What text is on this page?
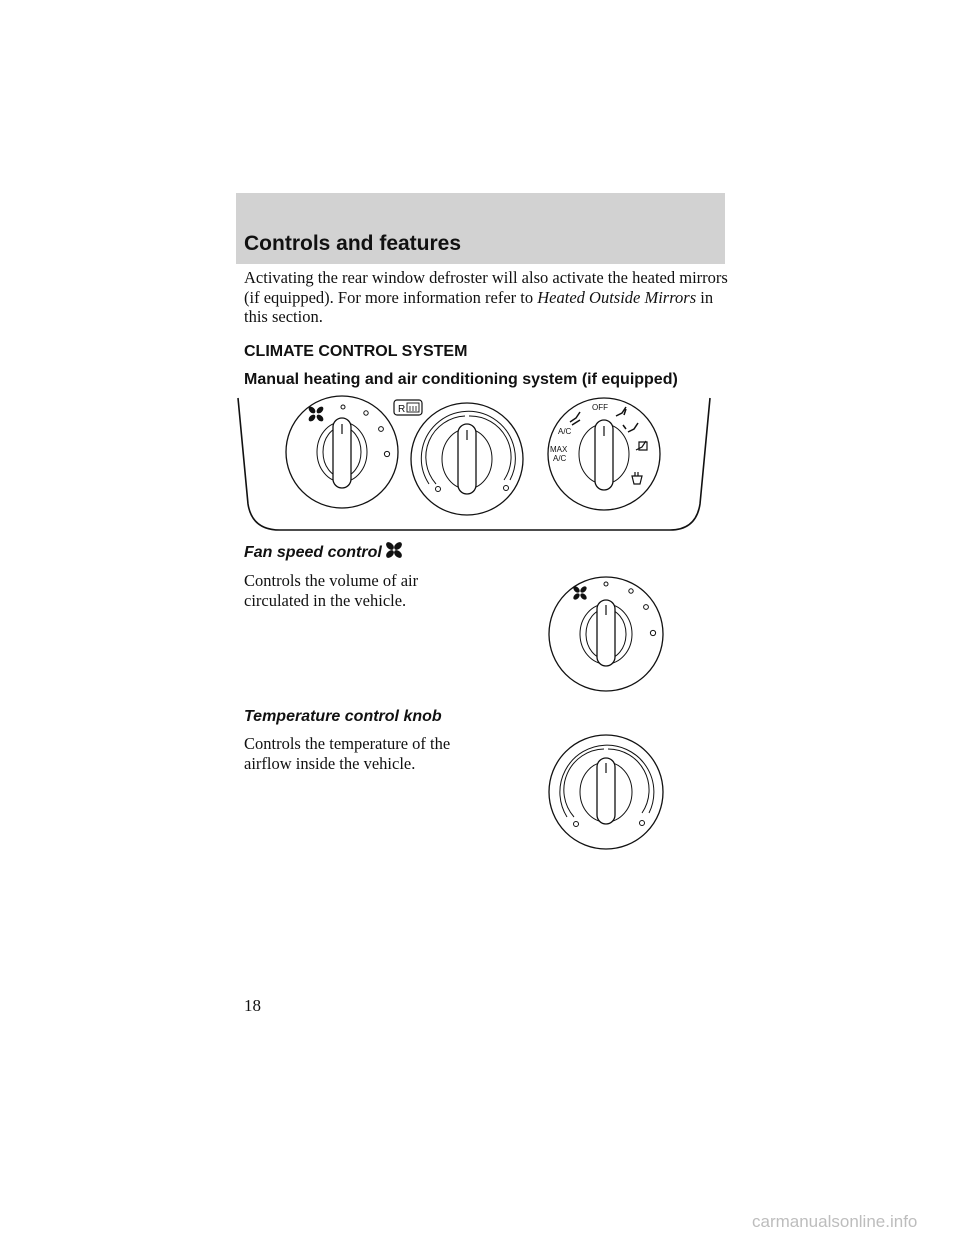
Controls and features
Activating the rear window defroster will also activate the heated mirrors (if equipped). For more information refer to Heated Outside Mirrors in this section.
CLIMATE CONTROL SYSTEM
Manual heating and air conditioning system (if equipped)
R	OFF
A/C
MAX
A/C
Fan speed control
Controls the volume of air circulated in the vehicle.
Temperature control knob
Controls the temperature of the airflow inside the vehicle.
18
carmanualsonline.info
